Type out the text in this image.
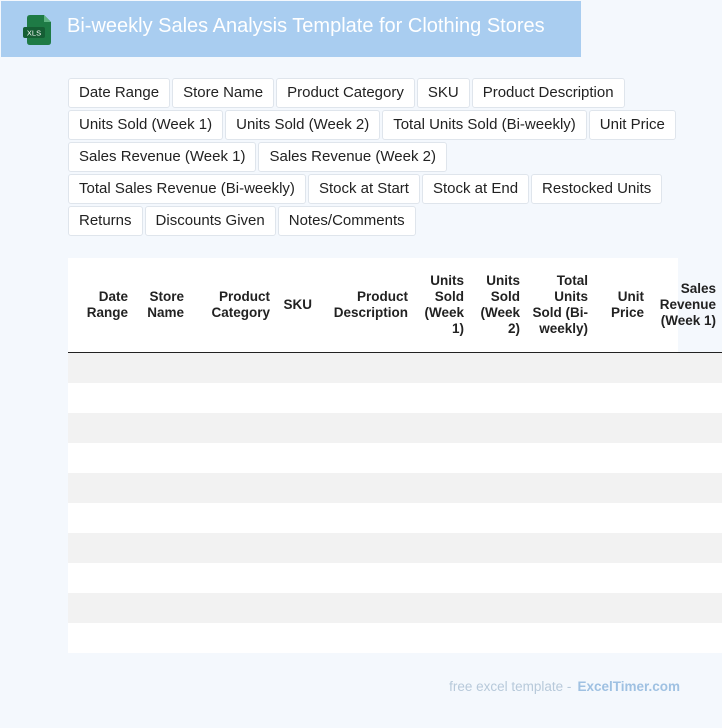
XLS Bi-weekly Sales Analysis Template for Clothing Stores
Date Range	Store Name	Product Category	SKU	Product Description
Units Sold (Week 1)	Units Sold (Week 2)	Total Units Sold (Bi-weekly)	Unit Price
Sales Revenue (Week 1)	Sales Revenue (Week 2)
Total Sales Revenue (Bi-weekly)	Stock at Start	Stock at End	Restocked Units
Returns	Discounts Given	Notes/Comments
Date Range	Store Name	Product Category	SKU	Product Description	Units Sold (Week 1)	Units Sold (Week 2)	Total Units Sold (Bi-weekly)	Unit Price	Sales Revenue (Week 1)

free excel template - ExcelTimer.com
